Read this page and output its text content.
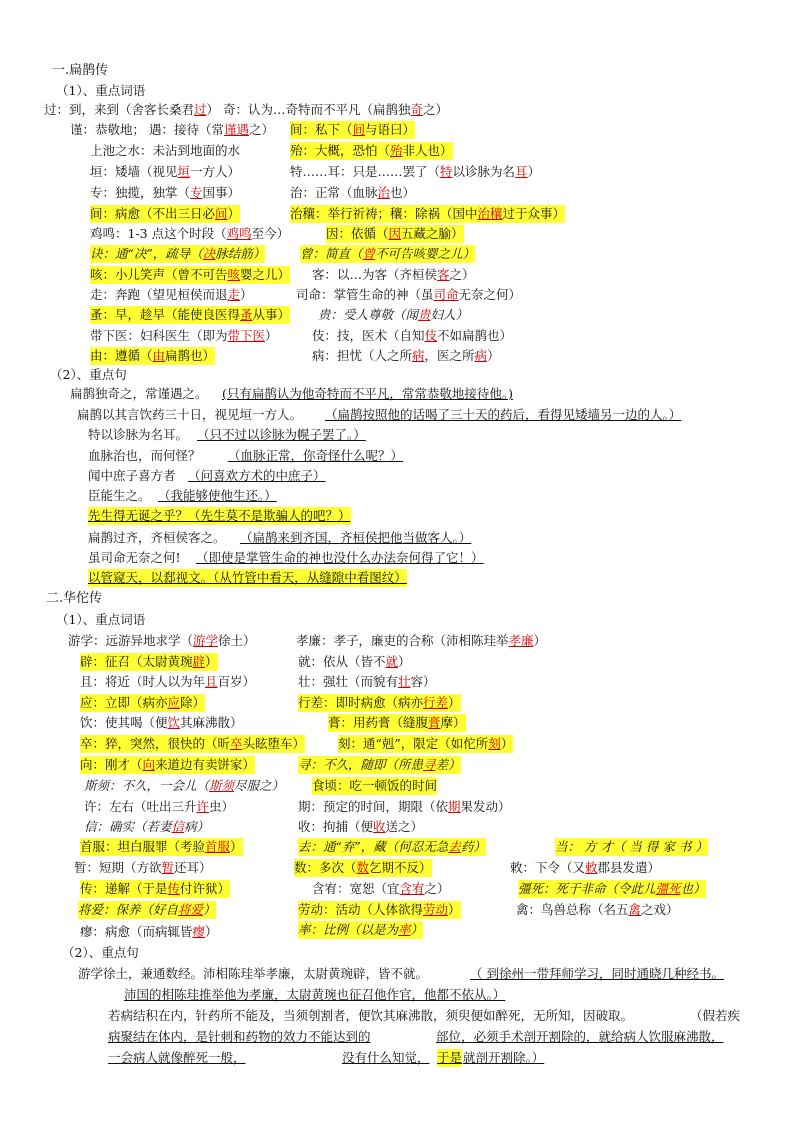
一.扁鹊传
（1）、重点词语
过：到，来到（舍客长桑君过） 奇：认为…奇特而不平凡（扁鹊独奇之）
谨：恭敬地； 遇：接待（常谨遇之） 间：私下（间与语曰）
上池之水：未沾到地面的水	殆：大概，恐怕（殆非人也）
垣：矮墙（视见垣一方人）	特……耳：只是……罢了（特以诊脉为名耳）
专：独揽，独掌（专国事）	治：正常（血脉治也）
间：病愈（不出三日必间）	治穰：举行祈祷；穰：除祸（国中治穰过于众事）
鸡鸣：1-3 点这个时段（鸡鸣至今）	因：依循（因五藏之腧）
诀：通“决”，疏导（决脉结筋）	曾：简直（曾不可告咳婴之儿）
咳：小儿笑声（曾不可告咳婴之儿） 客：以…为客（齐桓侯客之）
走：奔跑（望见桓侯而退走）	司命：掌管生命的神（虽司命无奈之何）
蚤：早，趁早（能使良医得蚤从事） 贵：受人尊敬（闻贵妇人）
带下医：妇科医生（即为带下医）	伎：技，医术（自知伎不如扁鹊也）
由：遵循（由扁鹊也）	病：担忧（人之所病，医之所病）
（2）、重点句
扁鹊独奇之，常谨遇之。 (只有扁鹊认为他奇特而不平凡，常常恭敬地接待他。)
扁鹊以其言饮药三十日，视见垣一方人。 （扁鹊按照他的话喝了三十天的药后，看得见矮墙另一边的人。）
特以诊脉为名耳。 （只不过以诊脉为幌子罢了。）
血脉治也，而何怪？ （血脉正常，你奇怪什么呢？）
闻中庶子喜方者 （问喜欢方术的中庶子）
臣能生之。 （我能够使他生还。）
先生得无诞之乎？（先生莫不是欺骗人的吧？）
扁鹊过齐，齐桓侯客之。 （扁鹊来到齐国，齐桓侯把他当做客人。）
虽司命无奈之何! （即使是掌管生命的神也没什么办法奈何得了它！）
以管窥天，以郄视文。（从竹管中看天，从缝隙中看图纹）
二.华佗传
（1）、重点词语
游学：远游异地求学（游学徐土）	孝廉：孝子，廉吏的合称（沛相陈珪举孝廉）
辟：征召（太尉黄琬辟）	就：依从（皆不就）
且：将近（时人以为年且百岁）	壮：强壮（而貌有壮容）
应：立即（病亦应除）	行差：即时病愈（病亦行差）
饮：使其喝（便饮其麻沸散）	膏：用药膏（缝腹膏摩）
卒：猝，突然，很快的（昕卒头眩堕车）	刻：通“剋”，限定（如佗所刻）
向：刚才（向来道边有卖饼家）	寻：不久，随即（所患寻差）
斯须：不久，一会儿（斯须尽服之） 食顷：吃一顿饭的时间
许：左右（吐出三升许虫）	期：预定的时间，期限（依期果发动）
信：确实（若妻信病）	收：拘捕（便收送之）
首服：坦白服罪（考验首服）	去：通“弃”，藏（何忍无急去药）	当： 方 才（ 当 得 家 书 ）
暂：短期（方欲暂还耳）	数：多次（数乞期不反）	敕：下令（又敕郡县发遣）
传：递解（于是传付许狱）	含宥：宽恕（宜含宥之）	彊死：死于非命（令此儿彊死也）
将爱：保养（好自将爱）	劳动：活动（人体欲得劳动）	禽：鸟兽总称（名五禽之戏）
率：比例（以是为率）
瘳：病愈（而病辄皆瘳）
（2）、重点句
游学徐土，兼通数经。沛相陈珪举孝廉，太尉黄琬辟，皆不就。	（ 到徐州一带拜师学习，同时通晓几种经书。
沛国的相陈珪推举他为孝廉，太尉黄琬也征召他作官，他都不依从。）
若病结积在内，针药所不能及，当须刳割者，便饮其麻沸散，须臾便如醉死，无所知，因破取。	（假若疾
病聚结在体内，是针刺和药物的效力不能达到的	部位，必须手术剖开割除的，就给病人饮服麻沸散，
一会病人就像醉死一般，	没有什么知觉， 于是 就剖开割除。）
